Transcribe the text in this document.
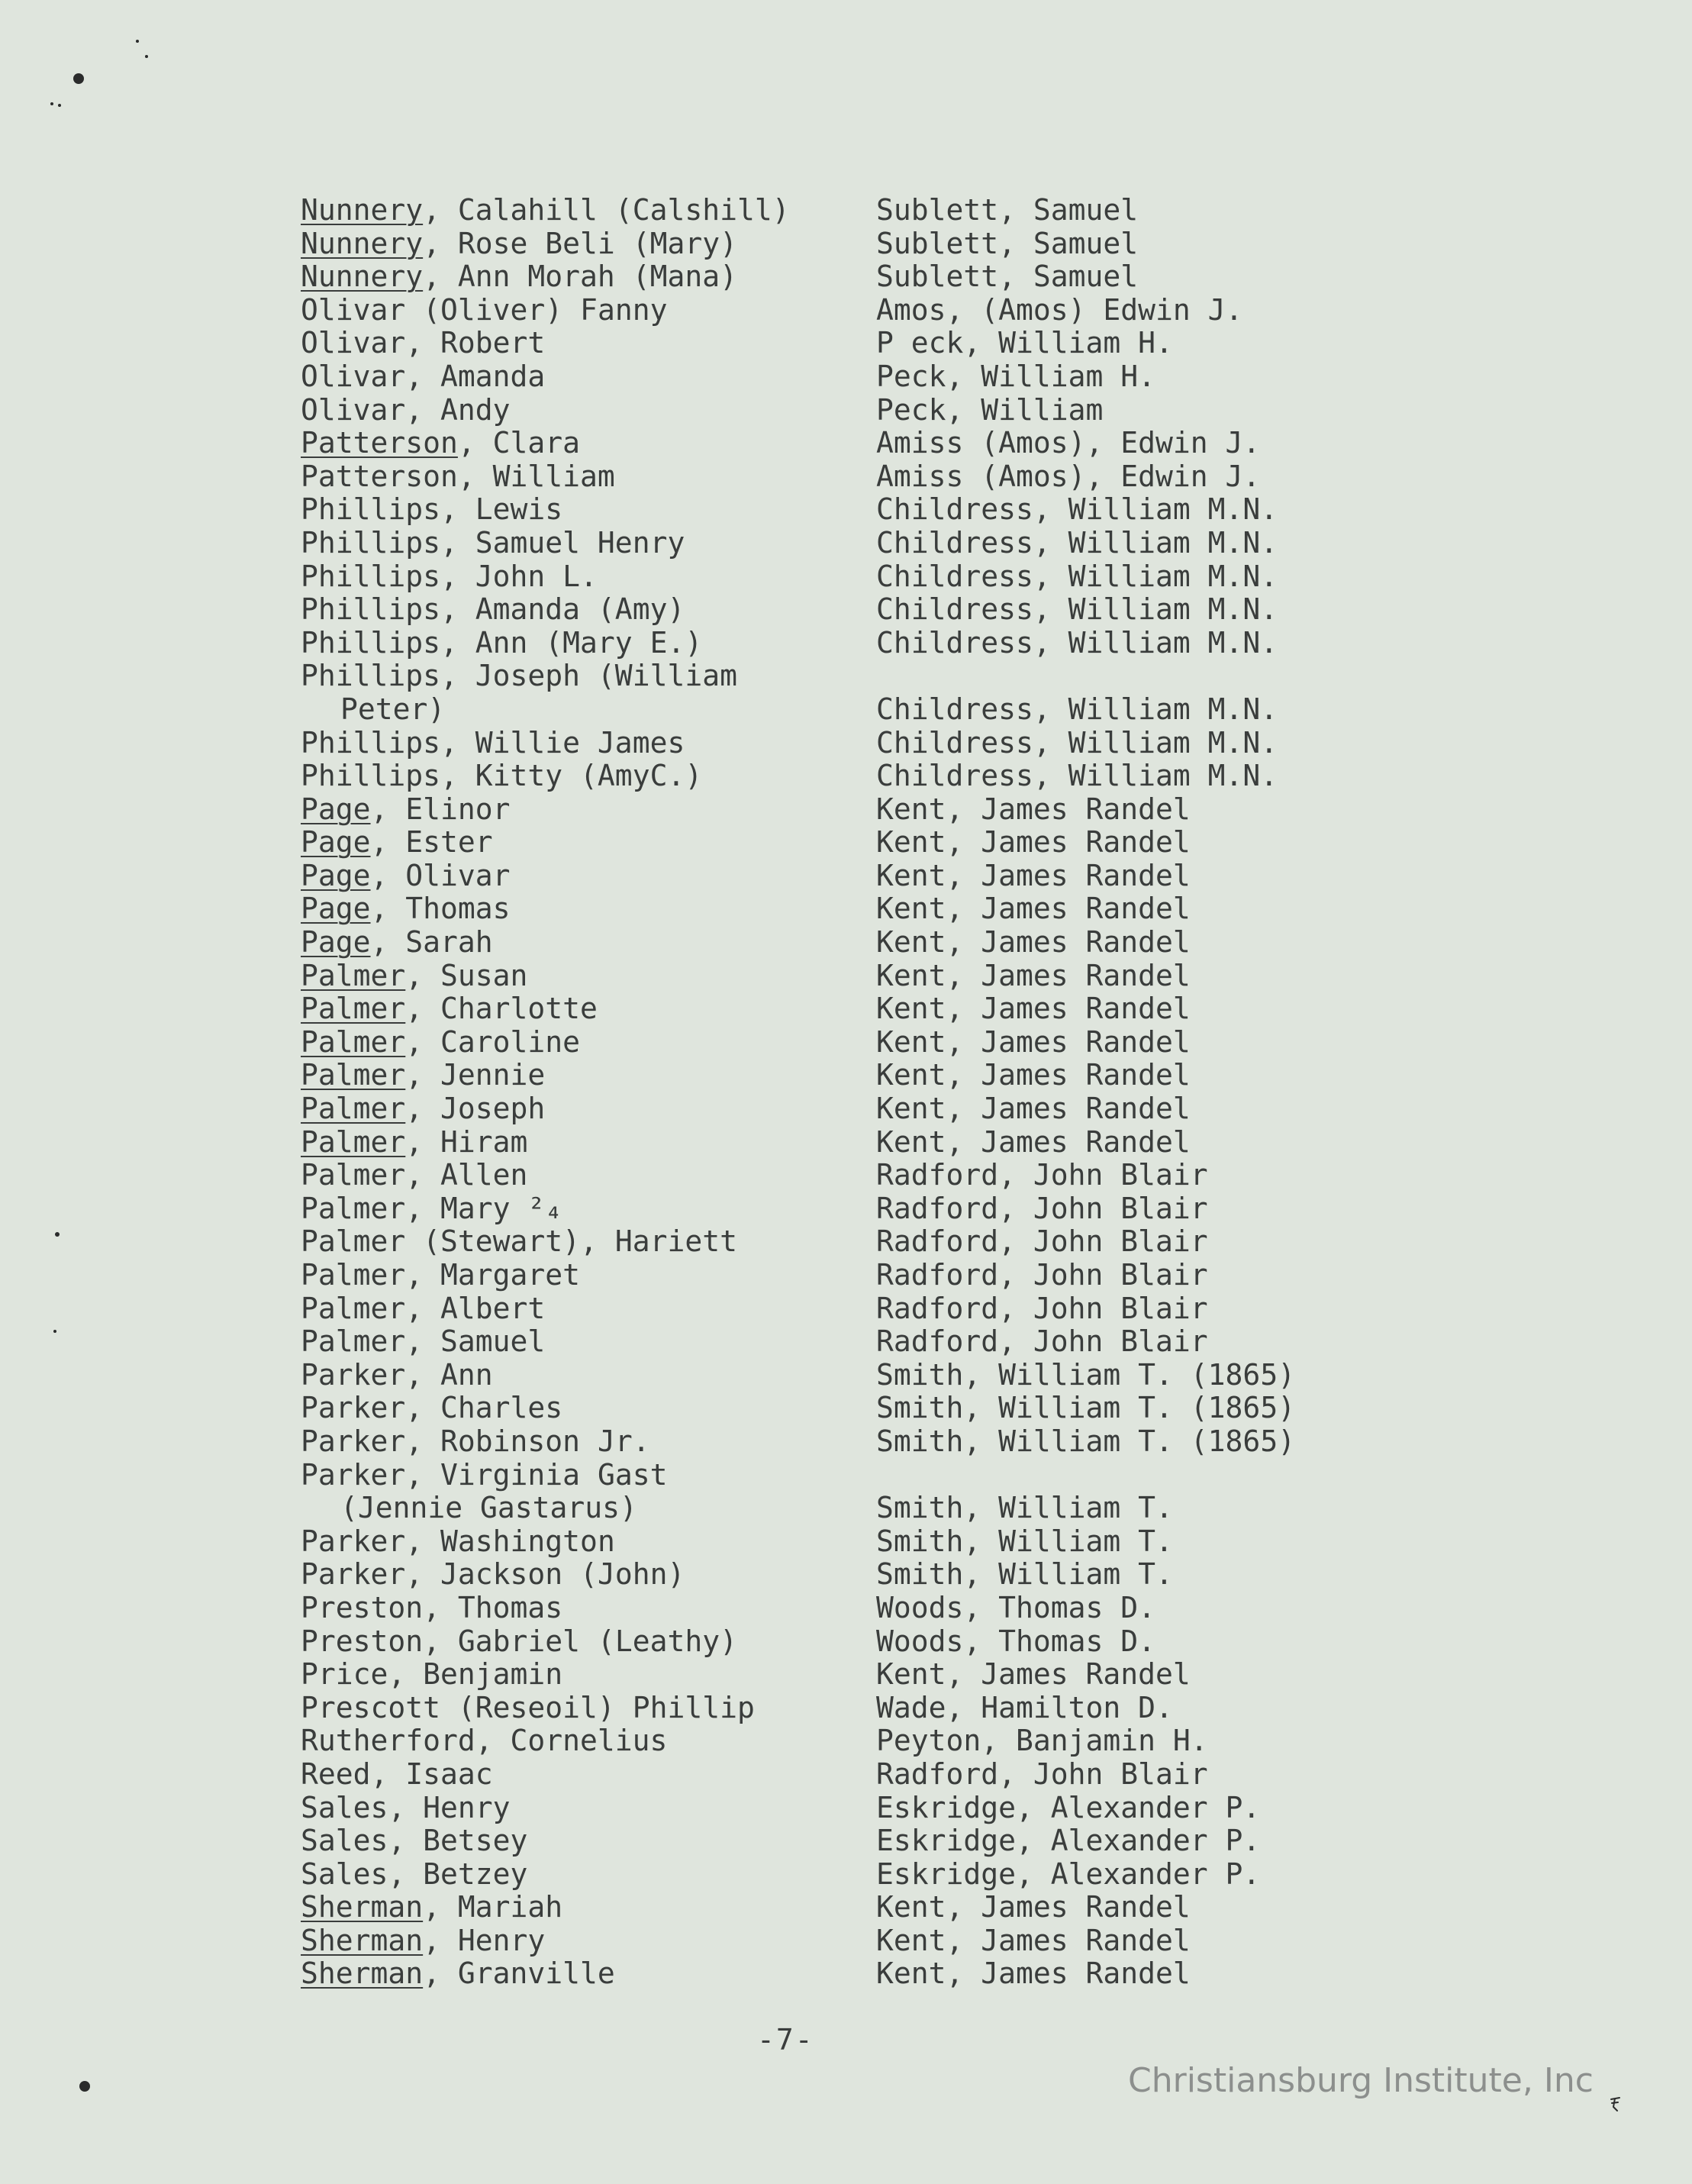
Nunnery, Calahill (Calshill)	Sublett, Samuel
Nunnery, Rose Beli (Mary)	Sublett, Samuel
Nunnery, Ann Morah (Mana)	Sublett, Samuel
Olivar (Oliver) Fanny	Amos, (Amos) Edwin J.
Olivar, Robert	P eck, William H.
Olivar, Amanda	Peck, William H.
Olivar, Andy	Peck, William
Patterson, Clara	Amiss (Amos), Edwin J.
Patterson, William	Amiss (Amos), Edwin J.
Phillips, Lewis	Childress, William M.N.
Phillips, Samuel Henry	Childress, William M.N.
Phillips, John L.	Childress, William M.N.
Phillips, Amanda (Amy)	Childress, William M.N.
Phillips, Ann (Mary E.)	Childress, William M.N.
Phillips, Joseph (William
Peter)	Childress, William M.N.
Phillips, Willie James	Childress, William M.N.
Phillips, Kitty (AmyC.)	Childress, William M.N.
Page, Elinor	Kent, James Randel
Page, Ester	Kent, James Randel
Page, Olivar	Kent, James Randel
Page, Thomas	Kent, James Randel
Page, Sarah	Kent, James Randel
Palmer, Susan	Kent, James Randel
Palmer, Charlotte	Kent, James Randel
Palmer, Caroline	Kent, James Randel
Palmer, Jennie	Kent, James Randel
Palmer, Joseph	Kent, James Randel
Palmer, Hiram	Kent, James Randel
Palmer, Allen	Radford, John Blair
Palmer, Mary ²₄	Radford, John Blair
Palmer (Stewart), Hariett	Radford, John Blair
Palmer, Margaret	Radford, John Blair
Palmer, Albert	Radford, John Blair
Palmer, Samuel	Radford, John Blair
Parker, Ann	Smith, William T. (1865)
Parker, Charles	Smith, William T. (1865)
Parker, Robinson Jr.	Smith, William T. (1865)
Parker, Virginia Gast
(Jennie Gastarus)	Smith, William T.
Parker, Washington	Smith, William T.
Parker, Jackson (John)	Smith, William T.
Preston, Thomas	Woods, Thomas D.
Preston, Gabriel (Leathy)	Woods, Thomas D.
Price, Benjamin	Kent, James Randel
Prescott (Reseoil) Phillip	Wade, Hamilton D.
Rutherford, Cornelius	Peyton, Banjamin H.
Reed, Isaac	Radford, John Blair
Sales, Henry	Eskridge, Alexander P.
Sales, Betsey	Eskridge, Alexander P.
Sales, Betzey	Eskridge, Alexander P.
Sherman, Mariah	Kent, James Randel
Sherman, Henry	Kent, James Randel
Sherman, Granville	Kent, James Randel
-7-
Christiansburg Institute, Inc
